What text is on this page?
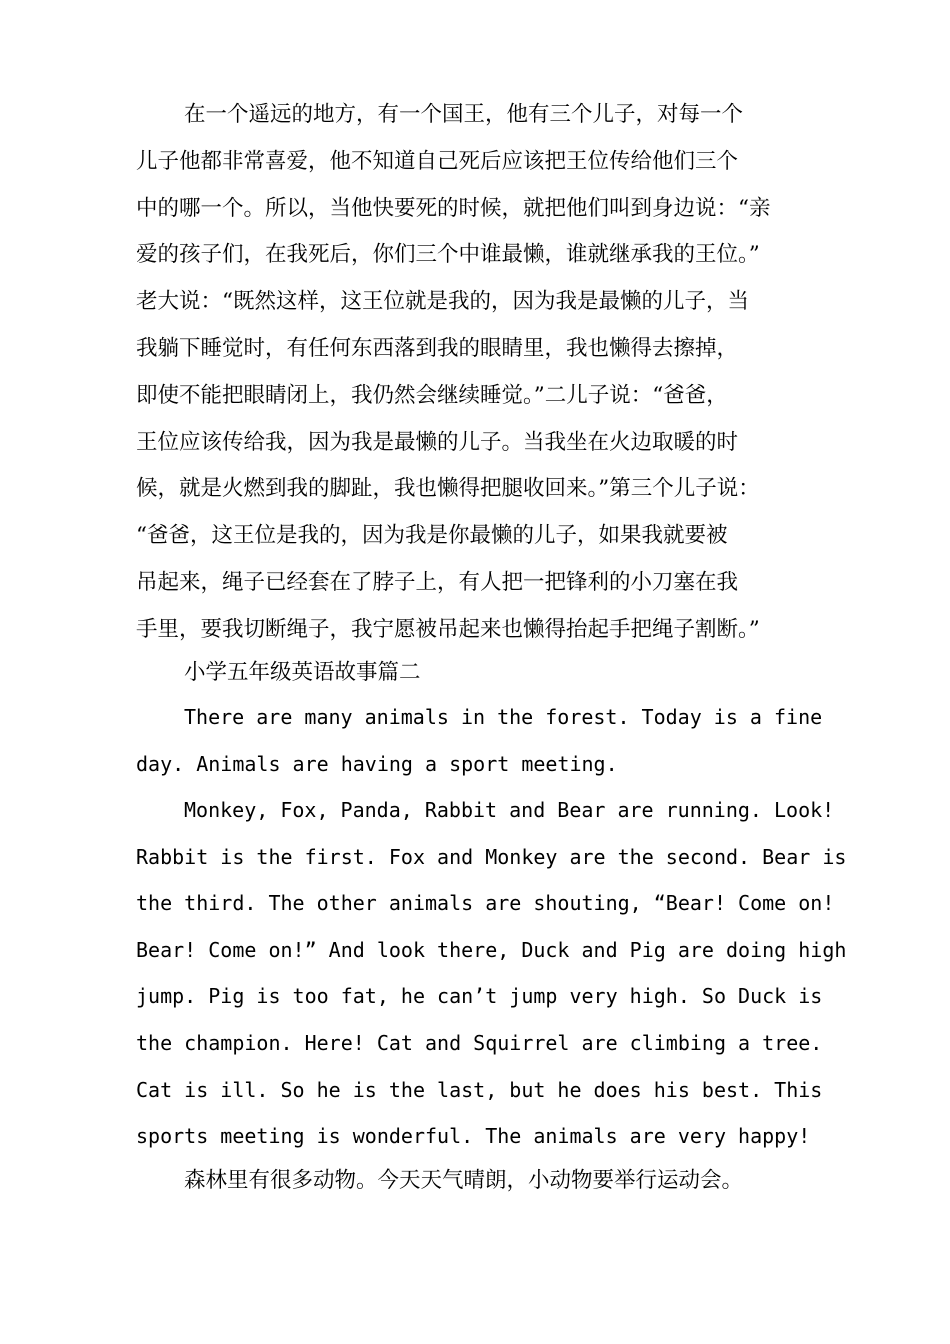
在一个遥远的地方，有一个国王，他有三个儿子，对每一个
儿子他都非常喜爱，他不知道自己死后应该把王位传给他们三个
中的哪一个。所以，当他快要死的时候，就把他们叫到身边说：“亲
爱的孩子们，在我死后，你们三个中谁最懒，谁就继承我的王位。”
老大说：“既然这样，这王位就是我的，因为我是最懒的儿子，当
我躺下睡觉时，有任何东西落到我的眼睛里，我也懒得去擦掉，
即使不能把眼睛闭上，我仍然会继续睡觉。”二儿子说：“爸爸，
王位应该传给我，因为我是最懒的儿子。当我坐在火边取暖的时
候，就是火燃到我的脚趾，我也懒得把腿收回来。”第三个儿子说：
“爸爸，这王位是我的，因为我是你最懒的儿子，如果我就要被
吊起来，绳子已经套在了脖子上，有人把一把锋利的小刀塞在我
手里，要我切断绳子，我宁愿被吊起来也懒得抬起手把绳子割断。”

小学五年级英语故事篇二

There are many animals in the forest. Today is a fine
day. Animals are having a sport meeting.
Monkey, Fox, Panda, Rabbit and Bear are running. Look!
Rabbit is the first. Fox and Monkey are the second. Bear is
the third. The other animals are shouting, “Bear! Come on!
Bear! Come on!” And look there, Duck and Pig are doing high
jump. Pig is too fat, he can’t jump very high. So Duck is
the champion. Here! Cat and Squirrel are climbing a tree.
Cat is ill. So he is the last, but he does his best. This
sports meeting is wonderful. The animals are very happy!

森林里有很多动物。今天天气晴朗，小动物要举行运动会。
